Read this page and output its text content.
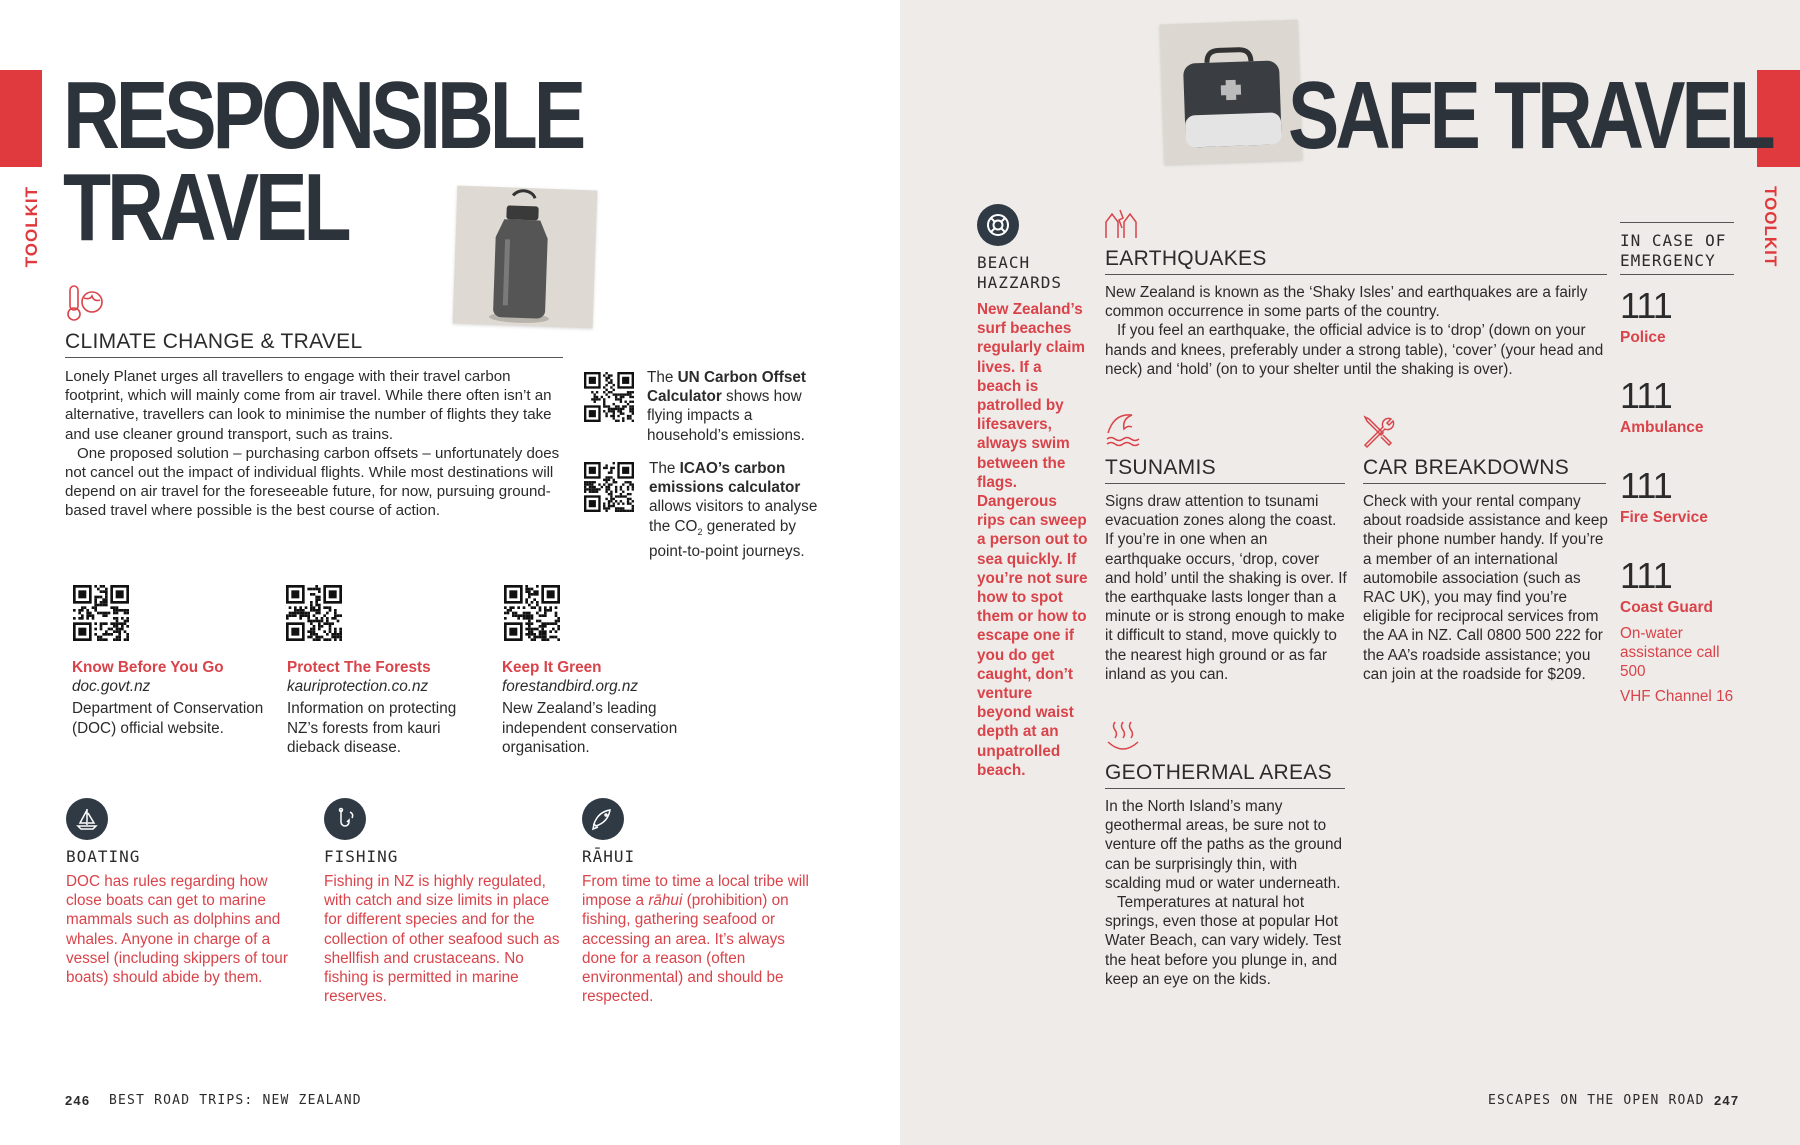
TOOLKIT
RESPONSIBLE
TRAVEL
CLIMATE CHANGE & TRAVEL

Lonely Planet urges all travellers to engage with their travel carbon footprint, which will mainly come from air travel. While there often isn’t an alternative, travellers can look to minimise the number of flights they take and use cleaner ground transport, such as trains.

One proposed solution – purchasing carbon offsets – unfortunately does not cancel out the impact of individual flights. While most destinations will depend on air travel for the foreseeable future, for now, pursuing ground-based travel where possible is the best course of action.

The UN Carbon Offset Calculator shows how flying impacts a household’s emissions.
The ICAO’s carbon emissions calculator allows visitors to analyse the $CO_2$ generated by point-to-point journeys.
Know Before You Go
doc.govt.nz
Department of Conservation (DOC) official website.
Protect The Forests
kauriprotection.co.nz
Information on protecting NZ’s forests from kauri dieback disease.
Keep It Green
forestandbird.org.nz
New Zealand’s leading independent conservation organisation.
BOATING	FISHING	RĀHUI
DOC has rules regarding how close boats can get to marine mammals such as dolphins and whales. Anyone in charge of a vessel (including skippers of tour boats) should abide by them.
Fishing in NZ is highly regulated, with catch and size limits in place for different species and for the collection of other seafood such as shellfish and crustaceans. No fishing is permitted in marine reserves.
From time to time a local tribe will impose a rāhui (prohibition) on fishing, gathering seafood or accessing an area. It’s always done for a reason (often environmental) and should be respected.
246 BEST ROAD TRIPS: NEW ZEALAND
TOOLKIT
SAFE TRAVEL
BEACH HAZZARDS
New Zealand’s surf beaches regularly claim lives. If a beach is patrolled by lifesavers, always swim between the flags. Dangerous rips can sweep a person out to sea quickly. If you’re not sure how to spot them or how to escape one if you do get caught, don’t venture beyond waist depth at an unpatrolled beach.
EARTHQUAKES

New Zealand is known as the ‘Shaky Isles’ and earthquakes are a fairly common occurrence in some parts of the country.

If you feel an earthquake, the official advice is to ‘drop’ (down on your hands and knees, preferably under a strong table), ‘cover’ (your head and neck) and ‘hold’ (on to your shelter until the shaking is over).

TSUNAMIS
Signs draw attention to tsunami evacuation zones along the coast. If you’re in one when an earthquake occurs, ‘drop, cover and hold’ until the shaking is over. If the earthquake lasts longer than a minute or is strong enough to make it difficult to stand, move quickly to the nearest high ground or as far inland as you can.
CAR BREAKDOWNS
Check with your rental company about roadside assistance and keep their phone number handy. If you’re a member of an international automobile association (such as RAC UK), you may find you’re eligible for reciprocal services from the AA in NZ. Call 0800 500 222 for the AA’s roadside assistance; you can join at the roadside for $209.
GEOTHERMAL AREAS

In the North Island’s many geothermal areas, be sure not to venture off the paths as the ground can be surprisingly thin, with scalding mud or water underneath.

Temperatures at natural hot springs, even those at popular Hot Water Beach, can vary widely. Test the heat before you plunge in, and keep an eye on the kids.

IN CASE OF EMERGENCY
111
Police
111
Ambulance
111
Fire Service
111
Coast Guard
On-water assistance call 500
VHF Channel 16
ESCAPES ON THE OPEN ROAD 247
